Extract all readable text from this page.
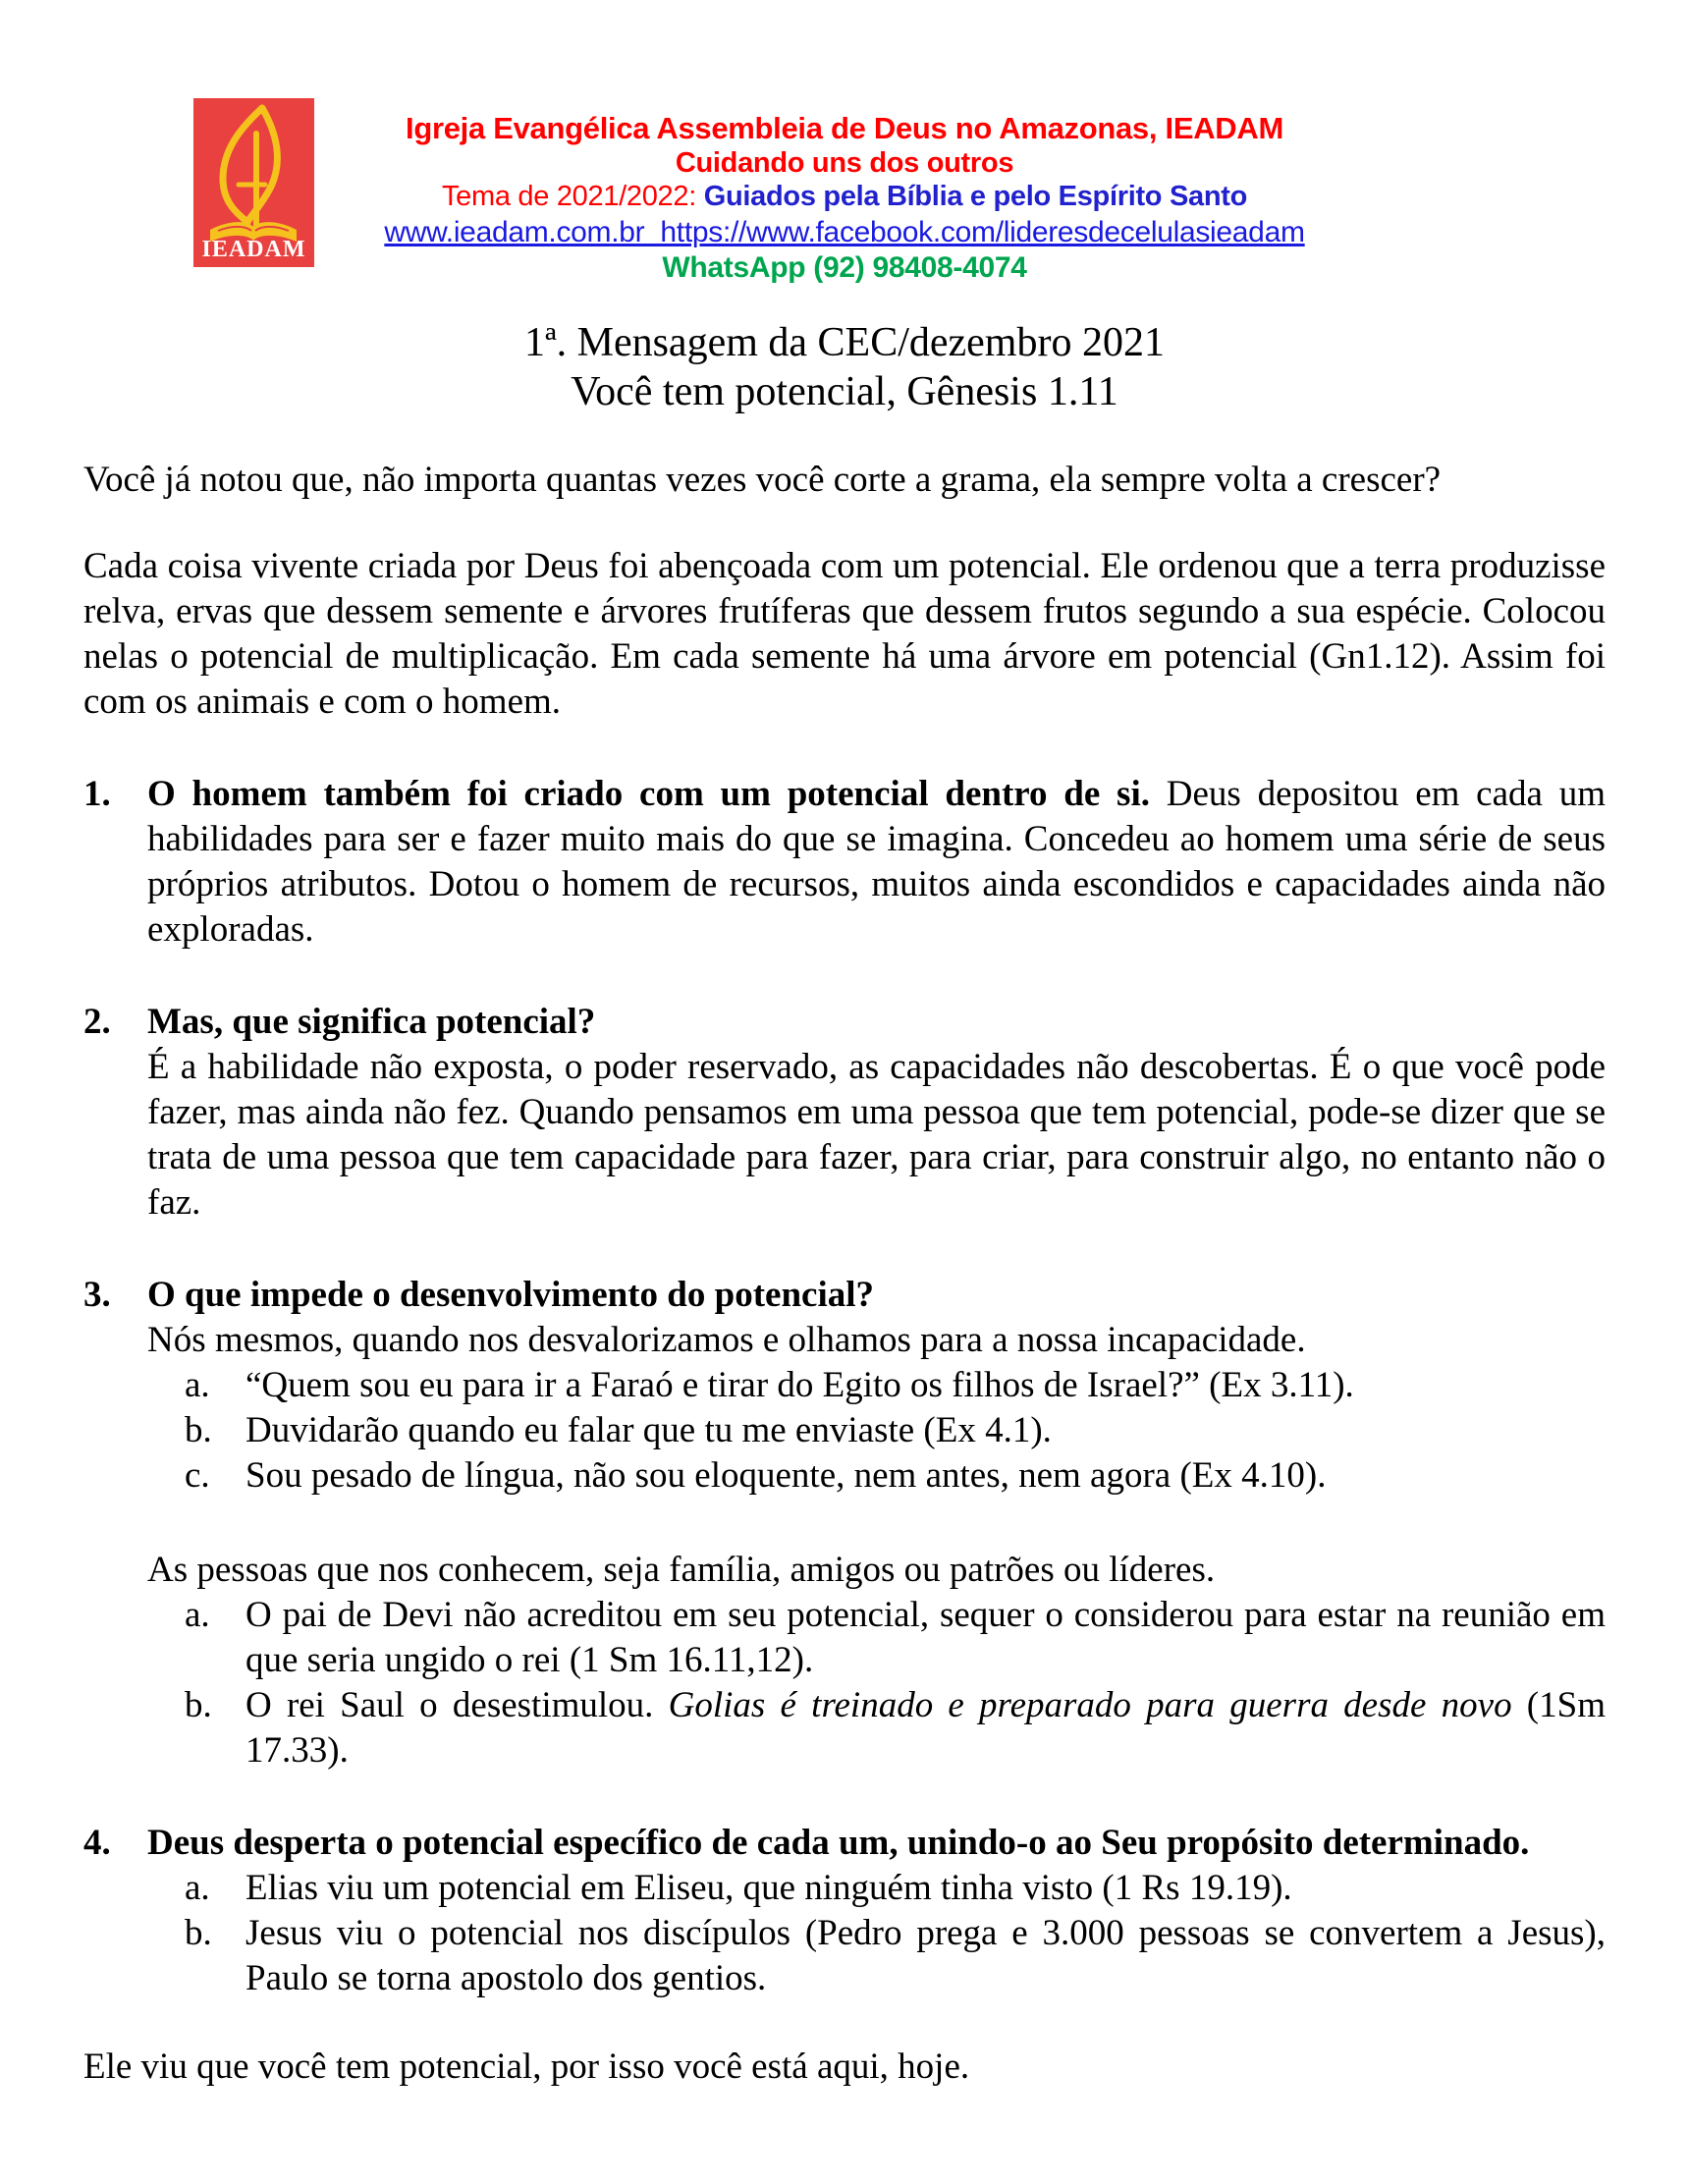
IEADAM
Igreja Evangélica Assembleia de Deus no Amazonas, IEADAM
Cuidando uns dos outros
Tema de 2021/2022: Guiados pela Bíblia e pelo Espírito Santo
www.ieadam.com.br  https://www.facebook.com/lideresdecelulasieadam
WhatsApp (92) 98408-4074
1ª. Mensagem da CEC/dezembro 2021
Você tem potencial, Gênesis 1.11

Você já notou que, não importa quantas vezes você corte a grama, ela sempre volta a crescer?

Cada coisa vivente criada por Deus foi abençoada com um potencial. Ele ordenou que a terra produzisse relva, ervas que dessem semente e árvores frutíferas que dessem frutos segundo a sua espécie. Colocou nelas o potencial de multiplicação. Em cada semente há uma árvore em potencial (Gn1.12). Assim foi com os animais e com o homem.

1. O homem também foi criado com um potencial dentro de si. Deus depositou em cada um habilidades para ser e fazer muito mais do que se imagina. Concedeu ao homem uma série de seus próprios atributos. Dotou o homem de recursos, muitos ainda escondidos e capacidades ainda não exploradas.

2. Mas, que significa potencial?

É a habilidade não exposta, o poder reservado, as capacidades não descobertas. É o que você pode fazer, mas ainda não fez. Quando pensamos em uma pessoa que tem potencial, pode-se dizer que se trata de uma pessoa que tem capacidade para fazer, para criar, para construir algo, no entanto não o faz.

3. O que impede o desenvolvimento do potencial?

Nós mesmos, quando nos desvalorizamos e olhamos para a nossa incapacidade.

a. “Quem sou eu para ir a Faraó e tirar do Egito os filhos de Israel?” (Ex 3.11).

b. Duvidarão quando eu falar que tu me enviaste (Ex 4.1).

c. Sou pesado de língua, não sou eloquente, nem antes, nem agora (Ex 4.10).

As pessoas que nos conhecem, seja família, amigos ou patrões ou líderes.

a. O pai de Devi não acreditou em seu potencial, sequer o considerou para estar na reunião em que seria ungido o rei (1 Sm 16.11,12).

b. O rei Saul o desestimulou. Golias é treinado e preparado para guerra desde novo (1Sm 17.33).

4. Deus desperta o potencial específico de cada um, unindo-o ao Seu propósito determinado.

a. Elias viu um potencial em Eliseu, que ninguém tinha visto (1 Rs 19.19).

b. Jesus viu o potencial nos discípulos (Pedro prega e 3.000 pessoas se convertem a Jesus), Paulo se torna apostolo dos gentios.

Ele viu que você tem potencial, por isso você está aqui, hoje.
